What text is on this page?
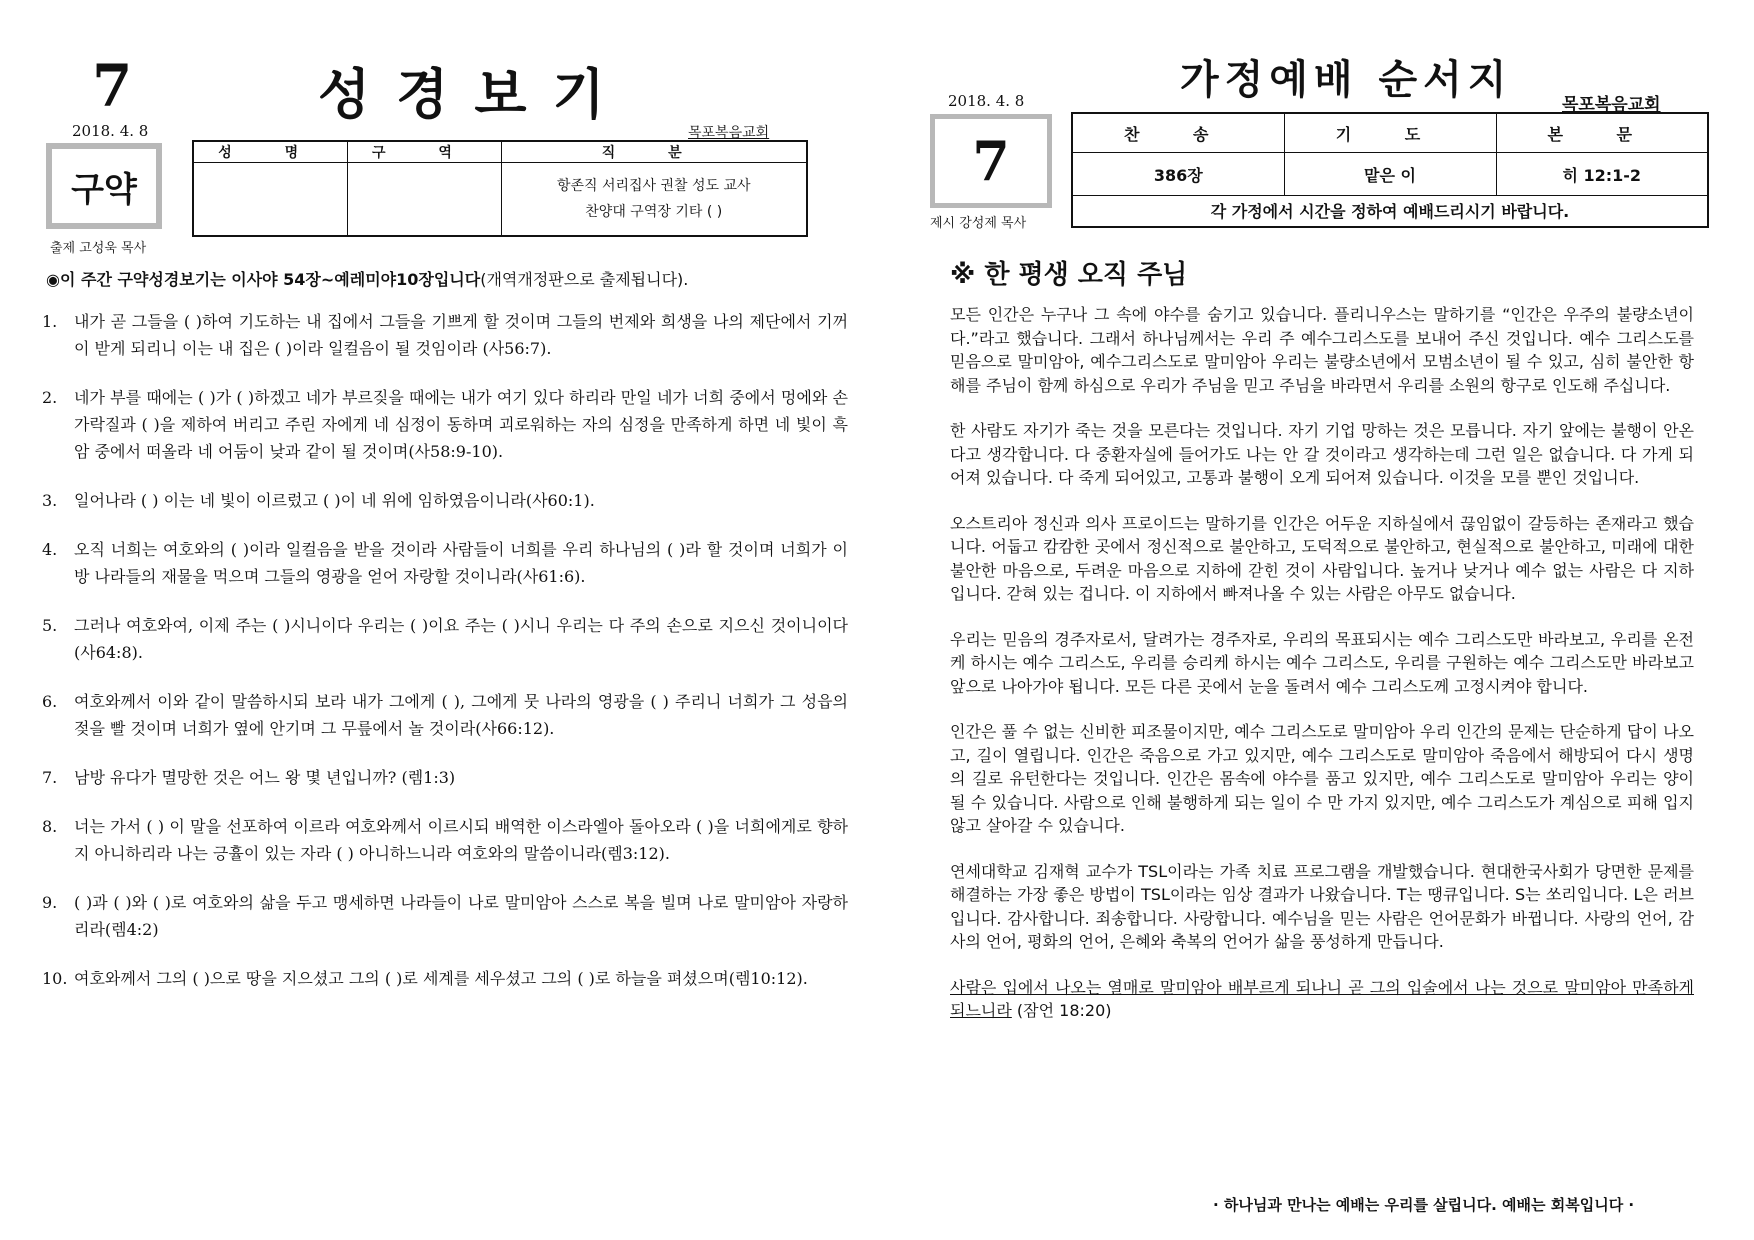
7	성경보기
2018. 4. 8	목포복음교회
구약
출제 고성욱 목사
성 명	구 역	직 분

		항존직 서리집사 권찰 성도 교사
찬양대 구역장 기타 ( )
◉이 주간 구약성경보기는 이사야 54장~예레미야10장입니다(개역개정판으로 출제됩니다).
1.	내가 곧 그들을 ( )하여 기도하는 내 집에서 그들을 기쁘게 할 것이며 그들의 번제와 희생을 나의 제단에서 기꺼이 받게 되리니 이는 내 집은 ( )이라 일컬음이 될 것임이라 (사56:7).
2.	네가 부를 때에는 ( )가 ( )하겠고 네가 부르짖을 때에는 내가 여기 있다 하리라 만일 네가 너희 중에서 멍에와 손가락질과 ( )을 제하여 버리고 주린 자에게 네 심정이 동하며 괴로워하는 자의 심정을 만족하게 하면 네 빛이 흑암 중에서 떠올라 네 어둠이 낮과 같이 될 것이며(사58:9-10).
3.	일어나라 ( ) 이는 네 빛이 이르렀고 ( )이 네 위에 임하였음이니라(사60:1).
4.	오직 너희는 여호와의 ( )이라 일컬음을 받을 것이라 사람들이 너희를 우리 하나님의 ( )라 할 것이며 너희가 이방 나라들의 재물을 먹으며 그들의 영광을 얻어 자랑할 것이니라(사61:6).
5.	그러나 여호와여, 이제 주는 ( )시니이다 우리는 ( )이요 주는 ( )시니 우리는 다 주의 손으로 지으신 것이니이다(사64:8).
6.	여호와께서 이와 같이 말씀하시되 보라 내가 그에게 ( ), 그에게 뭇 나라의 영광을 ( ) 주리니 너희가 그 성읍의 젖을 빨 것이며 너희가 옆에 안기며 그 무릎에서 놀 것이라(사66:12).
7.	남방 유다가 멸망한 것은 어느 왕 몇 년입니까? (렘1:3)
8.	너는 가서 ( ) 이 말을 선포하여 이르라 여호와께서 이르시되 배역한 이스라엘아 돌아오라 ( )을 너희에게로 향하지 아니하리라 나는 긍휼이 있는 자라 ( ) 아니하느니라 여호와의 말씀이니라(렘3:12).
9.	( )과 ( )와 ( )로 여호와의 삶을 두고 맹세하면 나라들이 나로 말미암아 스스로 복을 빌며 나로 말미암아 자랑하리라(렘4:2)
10. 여호와께서 그의 ( )으로 땅을 지으셨고 그의 ( )로 세계를 세우셨고 그의 ( )로 하늘을 펴셨으며(렘10:12).
가정예배 순서지
2018. 4. 8	목포복음교회
7
제시 강성제 목사
찬 송	기 도	본 문
386장	맡은 이	히 12:1-2
각 가정에서 시간을 정하여 예배드리시기 바랍니다.		
※ 한 평생 오직 주님

모든 인간은 누구나 그 속에 야수를 숨기고 있습니다. 플리니우스는 말하기를 “인간은 우주의 불량소년이다.”라고 했습니다. 그래서 하나님께서는 우리 주 예수그리스도를 보내어 주신 것입니다. 예수 그리스도를 믿음으로 말미암아, 예수그리스도로 말미암아 우리는 불량소년에서 모범소년이 될 수 있고, 심히 불안한 항해를 주님이 함께 하심으로 우리가 주님을 믿고 주님을 바라면서 우리를 소원의 항구로 인도해 주십니다.

한 사람도 자기가 죽는 것을 모른다는 것입니다. 자기 기업 망하는 것은 모릅니다. 자기 앞에는 불행이 안온다고 생각합니다. 다 중환자실에 들어가도 나는 안 갈 것이라고 생각하는데 그런 일은 없습니다. 다 가게 되어져 있습니다. 다 죽게 되어있고, 고통과 불행이 오게 되어져 있습니다. 이것을 모를 뿐인 것입니다.

오스트리아 정신과 의사 프로이드는 말하기를 인간은 어두운 지하실에서 끊임없이 갈등하는 존재라고 했습니다. 어둡고 캄캄한 곳에서 정신적으로 불안하고, 도덕적으로 불안하고, 현실적으로 불안하고, 미래에 대한 불안한 마음으로, 두려운 마음으로 지하에 갇힌 것이 사람입니다. 높거나 낮거나 예수 없는 사람은 다 지하입니다. 갇혀 있는 겁니다. 이 지하에서 빠져나올 수 있는 사람은 아무도 없습니다.

우리는 믿음의 경주자로서, 달려가는 경주자로, 우리의 목표되시는 예수 그리스도만 바라보고, 우리를 온전케 하시는 예수 그리스도, 우리를 승리케 하시는 예수 그리스도, 우리를 구원하는 예수 그리스도만 바라보고 앞으로 나아가야 됩니다. 모든 다른 곳에서 눈을 돌려서 예수 그리스도께 고정시켜야 합니다.

인간은 풀 수 없는 신비한 피조물이지만, 예수 그리스도로 말미암아 우리 인간의 문제는 단순하게 답이 나오고, 길이 열립니다. 인간은 죽음으로 가고 있지만, 예수 그리스도로 말미암아 죽음에서 해방되어 다시 생명의 길로 유턴한다는 것입니다. 인간은 몸속에 야수를 품고 있지만, 예수 그리스도로 말미암아 우리는 양이 될 수 있습니다. 사람으로 인해 불행하게 되는 일이 수 만 가지 있지만, 예수 그리스도가 계심으로 피해 입지 않고 살아갈 수 있습니다.

연세대학교 김재혁 교수가 TSL이라는 가족 치료 프로그램을 개발했습니다. 현대한국사회가 당면한 문제를 해결하는 가장 좋은 방법이 TSL이라는 임상 결과가 나왔습니다. T는 땡큐입니다. S는 쏘리입니다. L은 러브입니다. 감사합니다. 죄송합니다. 사랑합니다. 예수님을 믿는 사람은 언어문화가 바뀝니다. 사랑의 언어, 감사의 언어, 평화의 언어, 은혜와 축복의 언어가 삶을 풍성하게 만듭니다.

사람은 입에서 나오는 열매로 말미암아 배부르게 되나니 곧 그의 입술에서 나는 것으로 말미암아 만족하게 되느니라 (잠언 18:20)

· 하나님과 만나는 예배는 우리를 살립니다. 예배는 회복입니다 ·
